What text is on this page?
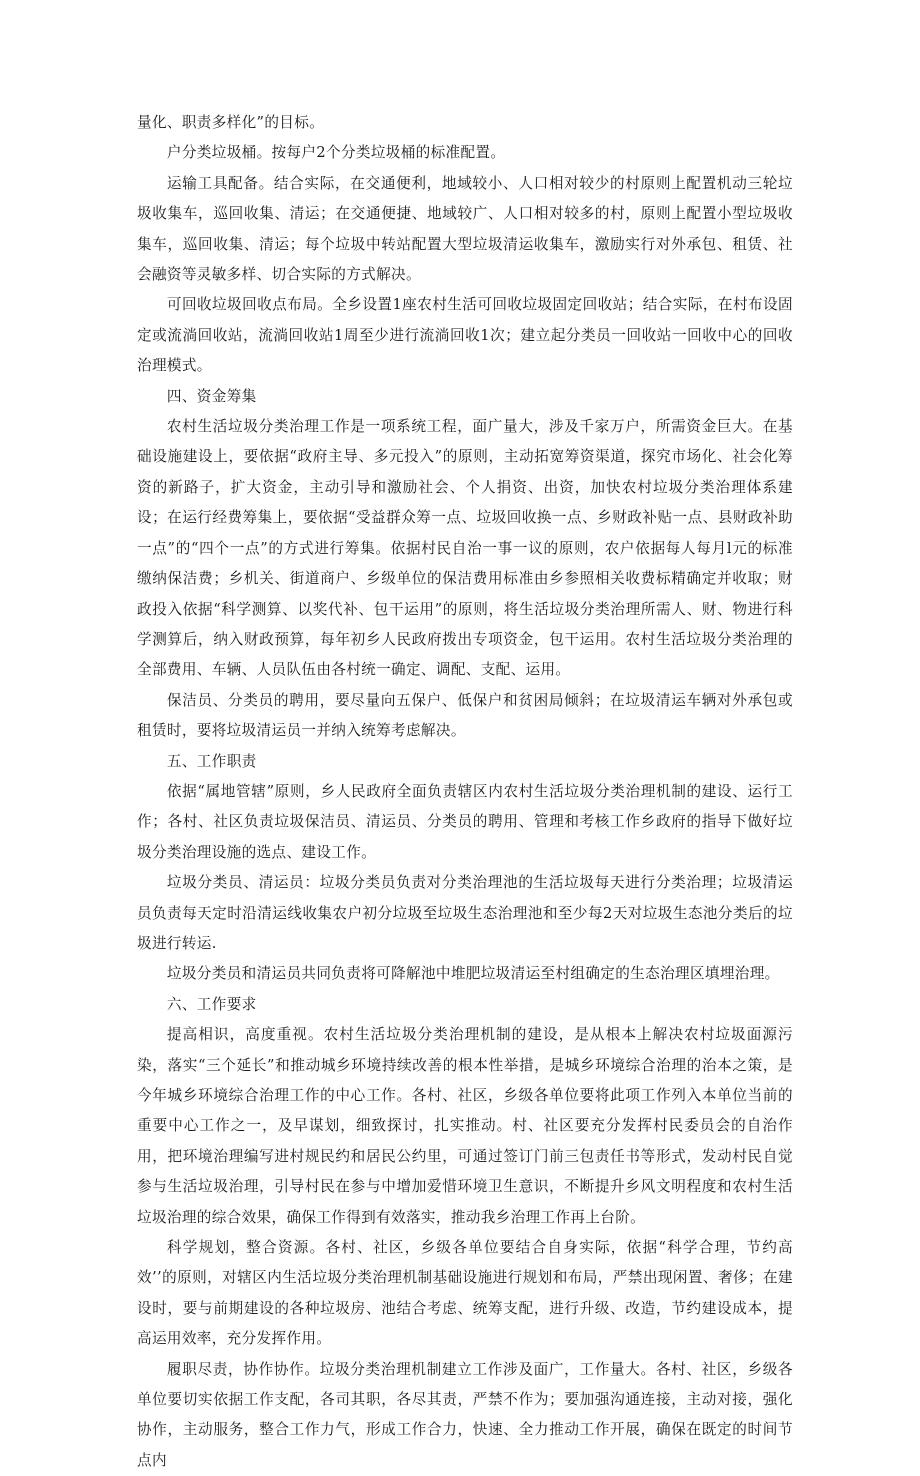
量化、职责多样化”的目标。

户分类垃圾桶。按每户2个分类垃圾桶的标准配置。

运输工具配备。结合实际，在交通便利，地域较小、人口相对较少的村原则上配置机动三轮垃圾收集车，巡回收集、清运；在交通便捷、地域较广、人口相对较多的村，原则上配置小型垃圾收集车，巡回收集、清运；每个垃圾中转站配置大型垃圾清运收集车，激励实行对外承包、租赁、社会融资等灵敏多样、切合实际的方式解决。

可回收垃圾回收点布局。全乡设置1座农村生活可回收垃圾固定回收站；结合实际，在村布设固定或流淌回收站，流淌回收站1周至少进行流淌回收1次；建立起分类员一回收站一回收中心的回收治理模式。

四、资金筹集

农村生活垃圾分类治理工作是一项系统工程，面广量大，涉及千家万户，所需资金巨大。在基础设施建设上，要依据“政府主导、多元投入”的原则，主动拓宽筹资渠道，探究市场化、社会化筹资的新路子，扩大资金，主动引导和激励社会、个人捐资、出资，加快农村垃圾分类治理体系建设；在运行经费筹集上，要依据“受益群众筹一点、垃圾回收换一点、乡财政补贴一点、县财政补助一点”的“四个一点”的方式进行筹集。依据村民自治一事一议的原则，农户依据每人每月l元的标准缴纳保洁费；乡机关、街道商户、乡级单位的保洁费用标准由乡参照相关收费标精确定并收取；财政投入依据“科学测算、以奖代补、包干运用”的原则，将生活垃圾分类治理所需人、财、物进行科学测算后，纳入财政预算，每年初乡人民政府拨出专项资金，包干运用。农村生活垃圾分类治理的全部费用、车辆、人员队伍由各村统一确定、调配、支配、运用。

保洁员、分类员的聘用，要尽量向五保户、低保户和贫困局倾斜；在垃圾清运车辆对外承包或租赁时，要将垃圾清运员一并纳入统筹考虑解决。

五、工作职责

依据“属地管辖”原则，乡人民政府全面负责辖区内农村生活垃圾分类治理机制的建设、运行工作；各村、社区负责垃圾保洁员、清运员、分类员的聘用、管理和考核工作乡政府的指导下做好垃圾分类治理设施的选点、建设工作。

垃圾分类员、清运员：垃圾分类员负责对分类治理池的生活垃圾每天进行分类治理；垃圾清运员负责每天定时沿清运线收集农户初分垃圾至垃圾生态治理池和至少每2天对垃圾生态池分类后的垃圾进行转运.

垃圾分类员和清运员共同负责将可降解池中堆肥垃圾清运至村组确定的生态治理区填埋治理。

六、工作要求

提高相识，高度重视。农村生活垃圾分类治理机制的建设，是从根本上解决农村垃圾面源污染，落实“三个延长”和推动城乡环境持续改善的根本性举措，是城乡环境综合治理的治本之策，是今年城乡环境综合治理工作的中心工作。各村、社区，乡级各单位要将此项工作列入本单位当前的重要中心工作之一，及早谋划，细致探讨，扎实推动。村、社区要充分发挥村民委员会的自治作用，把环境治理编写进村规民约和居民公约里，可通过签订门前三包责任书等形式，发动村民自觉参与生活垃圾治理，引导村民在参与中增加爱惜环境卫生意识，不断提升乡风文明程度和农村生活垃圾治理的综合效果，确保工作得到有效落实，推动我乡治理工作再上台阶。

科学规划，整合资源。各村、社区，乡级各单位要结合自身实际，依据“科学合理，节约高效’’的原则，对辖区内生活垃圾分类治理机制基础设施进行规划和布局，严禁出现闲置、奢侈；在建设时，要与前期建设的各种垃圾房、池结合考虑、统筹支配，进行升级、改造，节约建设成本，提高运用效率，充分发挥作用。

履职尽责，协作协作。垃圾分类治理机制建立工作涉及面广，工作量大。各村、社区，乡级各单位要切实依据工作支配，各司其职，各尽其责，严禁不作为；要加强沟通连接，主动对接，强化协作，主动服务，整合工作力气，形成工作合力，快速、全力推动工作开展，确保在既定的时间节点内
